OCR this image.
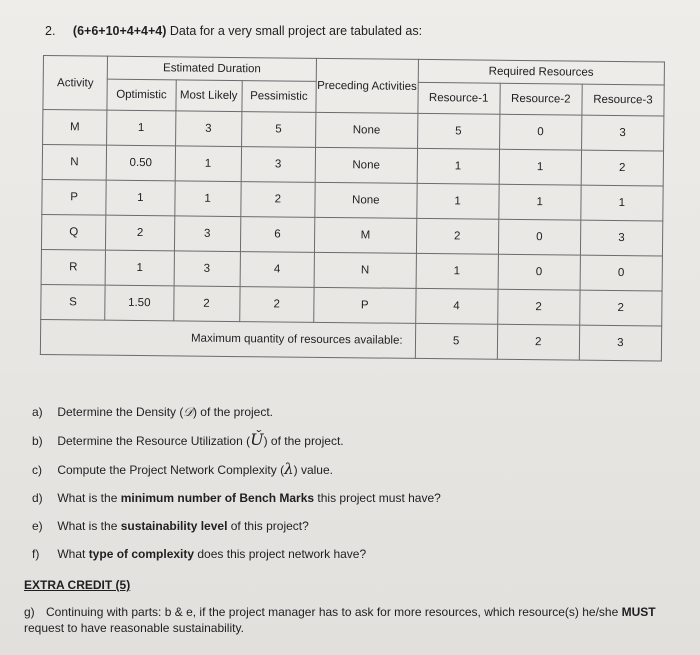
2. (6+6+10+4+4+4) Data for a very small project are tabulated as:
Activity	Estimated Duration			Preceding Activities	Required Resources		
	Optimistic	Most Likely	Pessimistic		Resource-1	Resource-2	Resource-3
M	1	3	5	None	5	0	3
N	0.50	1	3	None	1	1	2
P	1	1	2	None	1	1	1
Q	2	3	6	M	2	0	3
R	1	3	4	N	1	0	0
S	1.50	2	2	P	4	2	2
Maximum quantity of resources available:					5	2	3
a) Determine the Density (𝒟) of the project.
b) Determine the Resource Utilization (Ǔ) of the project.
c) Compute the Project Network Complexity (λ) value.
d) What is the minimum number of Bench Marks this project must have?
e) What is the sustainability level of this project?
f) What type of complexity does this project network have?
EXTRA CREDIT (5)
g) Continuing with parts: b & e, if the project manager has to ask for more resources, which resource(s) he/she MUST request to have reasonable sustainability.
